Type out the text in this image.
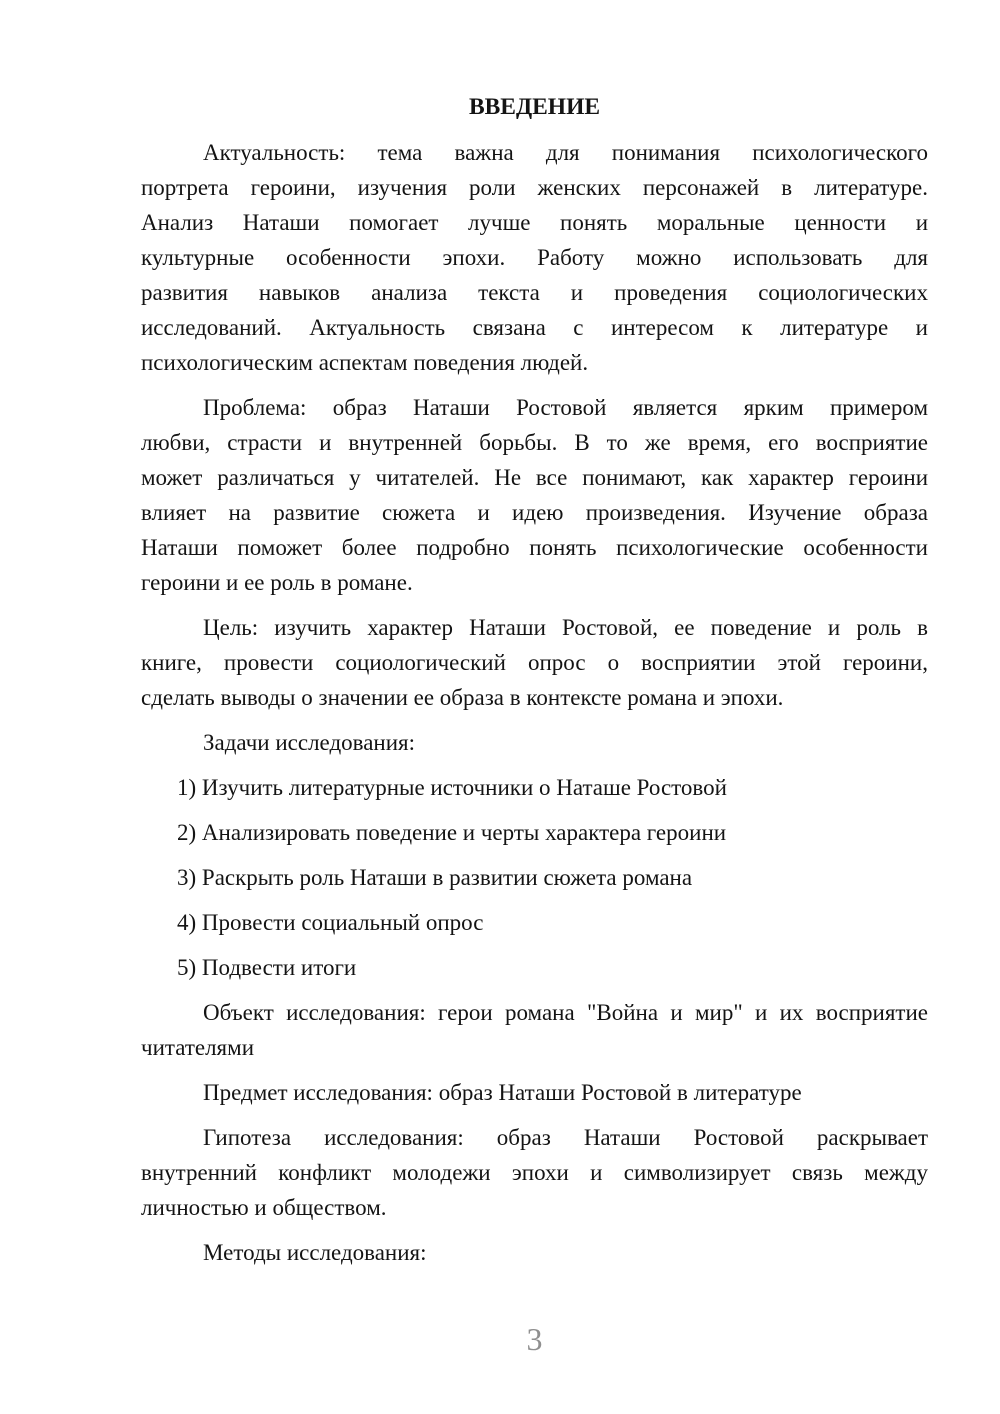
ВВЕДЕНИЕ
Актуальность: тема важна для понимания психологического
портрета героини, изучения роли женских персонажей в литературе.
Анализ Наташи помогает лучше понять моральные ценности и
культурные особенности эпохи. Работу можно использовать для
развития навыков анализа текста и проведения социологических
исследований. Актуальность связана с интересом к литературе и
психологическим аспектам поведения людей.
Проблема: образ Наташи Ростовой является ярким примером
любви, страсти и внутренней борьбы. В то же время, его восприятие
может различаться у читателей. Не все понимают, как характер героини
влияет на развитие сюжета и идею произведения. Изучение образа
Наташи поможет более подробно понять психологические особенности
героини и ее роль в романе.
Цель: изучить характер Наташи Ростовой, ее поведение и роль в
книге, провести социологический опрос о восприятии этой героини,
сделать выводы о значении ее образа в контексте романа и эпохи.
Задачи исследования:
1) Изучить литературные источники о Наташе Ростовой
2) Анализировать поведение и черты характера героини
3) Раскрыть роль Наташи в развитии сюжета романа
4) Провести социальный опрос
5) Подвести итоги
Объект исследования: герои романа "Война и мир" и их восприятие
читателями
Предмет исследования: образ Наташи Ростовой в литературе
Гипотеза исследования: образ Наташи Ростовой раскрывает
внутренний конфликт молодежи эпохи и символизирует связь между
личностью и обществом.
Методы исследования:
3
